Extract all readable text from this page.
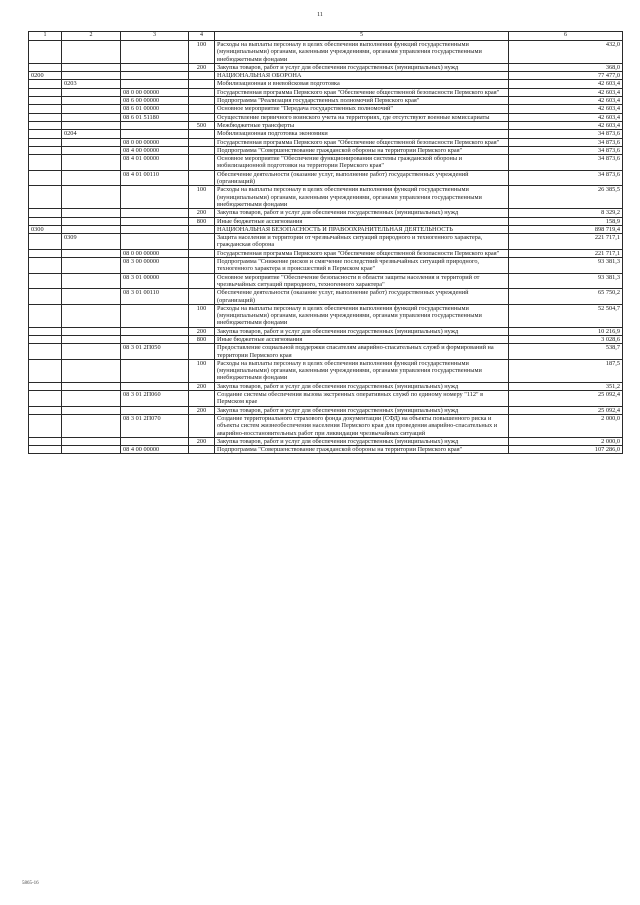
11
1	2	3	4	5	6
			100	Расходы на выплаты персоналу в целях обеспечения выполнения функций государственными (муниципальными) органами, казенными учреждениями, органами управления государственными внебюджетными фондами	432,0
			200	Закупка товаров, работ и услуг для обеспечения государственных (муниципальных) нужд	368,0
0200				НАЦИОНАЛЬНАЯ ОБОРОНА	77 477,0
	0203			Мобилизационная и вневойсковая подготовка	42 603,4
		08 0 00 00000		Государственная программа Пермского края "Обеспечение общественной безопасности Пермского края"	42 603,4
		08 6 00 00000		Подпрограмма "Реализация государственных полномочий Пермского края"	42 603,4
		08 6 01 00000		Основное мероприятие "Передача государственных полномочий"	42 603,4
		08 6 01 51180		Осуществление первичного воинского учета на территориях, где отсутствуют военные комиссариаты	42 603,4
			500	Межбюджетные трансферты	42 603,4
	0204			Мобилизационная подготовка экономики	34 873,6
		08 0 00 00000		Государственная программа Пермского края "Обеспечение общественной безопасности Пермского края"	34 873,6
		08 4 00 00000		Подпрограмма "Совершенствование гражданской обороны на территории Пермского края"	34 873,6
		08 4 01 00000		Основное мероприятие "Обеспечение функционирования системы гражданской обороны и мобилизационной подготовки на территории Пермского края"	34 873,6
		08 4 01 00110		Обеспечение деятельности (оказание услуг, выполнение работ) государственных учреждений (организаций)	34 873,6
			100	Расходы на выплаты персоналу в целях обеспечения выполнения функций государственными (муниципальными) органами, казенными учреждениями, органами управления государственными внебюджетными фондами	26 385,5
			200	Закупка товаров, работ и услуг для обеспечения государственных (муниципальных) нужд	8 329,2
			800	Иные бюджетные ассигнования	158,9
0300				НАЦИОНАЛЬНАЯ БЕЗОПАСНОСТЬ И ПРАВООХРАНИТЕЛЬНАЯ ДЕЯТЕЛЬНОСТЬ	898 719,4
	0309			Защита населения и территории от чрезвычайных ситуаций природного и техногенного характера, гражданская оборона	221 717,1
		08 0 00 00000		Государственная программа Пермского края "Обеспечение общественной безопасности Пермского края"	221 717,1
		08 3 00 00000		Подпрограмма "Снижение рисков и смягчение последствий чрезвычайных ситуаций природного, техногенного характера и происшествий в Пермском крае"	93 381,3
		08 3 01 00000		Основное мероприятие "Обеспечение безопасности в области защиты населения и территорий от чрезвычайных ситуаций природного, техногенного характера"	93 381,3
		08 3 01 00110		Обеспечение деятельности (оказание услуг, выполнение работ) государственных учреждений (организаций)	65 750,2
			100	Расходы на выплаты персоналу в целях обеспечения выполнения функций государственными (муниципальными) органами, казенными учреждениями, органами управления государственными внебюджетными фондами	52 504,7
			200	Закупка товаров, работ и услуг для обеспечения государственных (муниципальных) нужд	10 216,9
			800	Иные бюджетные ассигнования	3 028,6
		08 3 01 2П050		Предоставление социальной поддержки спасателям аварийно-спасательных служб и формирований на территории Пермского края	538,7
			100	Расходы на выплаты персоналу в целях обеспечения выполнения функций государственными (муниципальными) органами, казенными учреждениями, органами управления государственными внебюджетными фондами	187,5
			200	Закупка товаров, работ и услуг для обеспечения государственных (муниципальных) нужд	351,2
		08 3 01 2П060		Создание системы обеспечения вызова экстренных оперативных служб по единому номеру "112" в Пермском крае	25 092,4
			200	Закупка товаров, работ и услуг для обеспечения государственных (муниципальных) нужд	25 092,4
		08 3 01 2П070		Создание территориального страхового фонда документации (СФД) на объекты повышенного риска и объекты систем жизнеобеспечения населения Пермского края для проведения аварийно-спасательных и аварийно-восстановительных работ при ликвидации чрезвычайных ситуаций	2 000,0
			200	Закупка товаров, работ и услуг для обеспечения государственных (муниципальных) нужд	2 000,0
		08 4 00 00000		Подпрограмма "Совершенствование гражданской обороны на территории Пермского края"	107 286,0
5865-16
